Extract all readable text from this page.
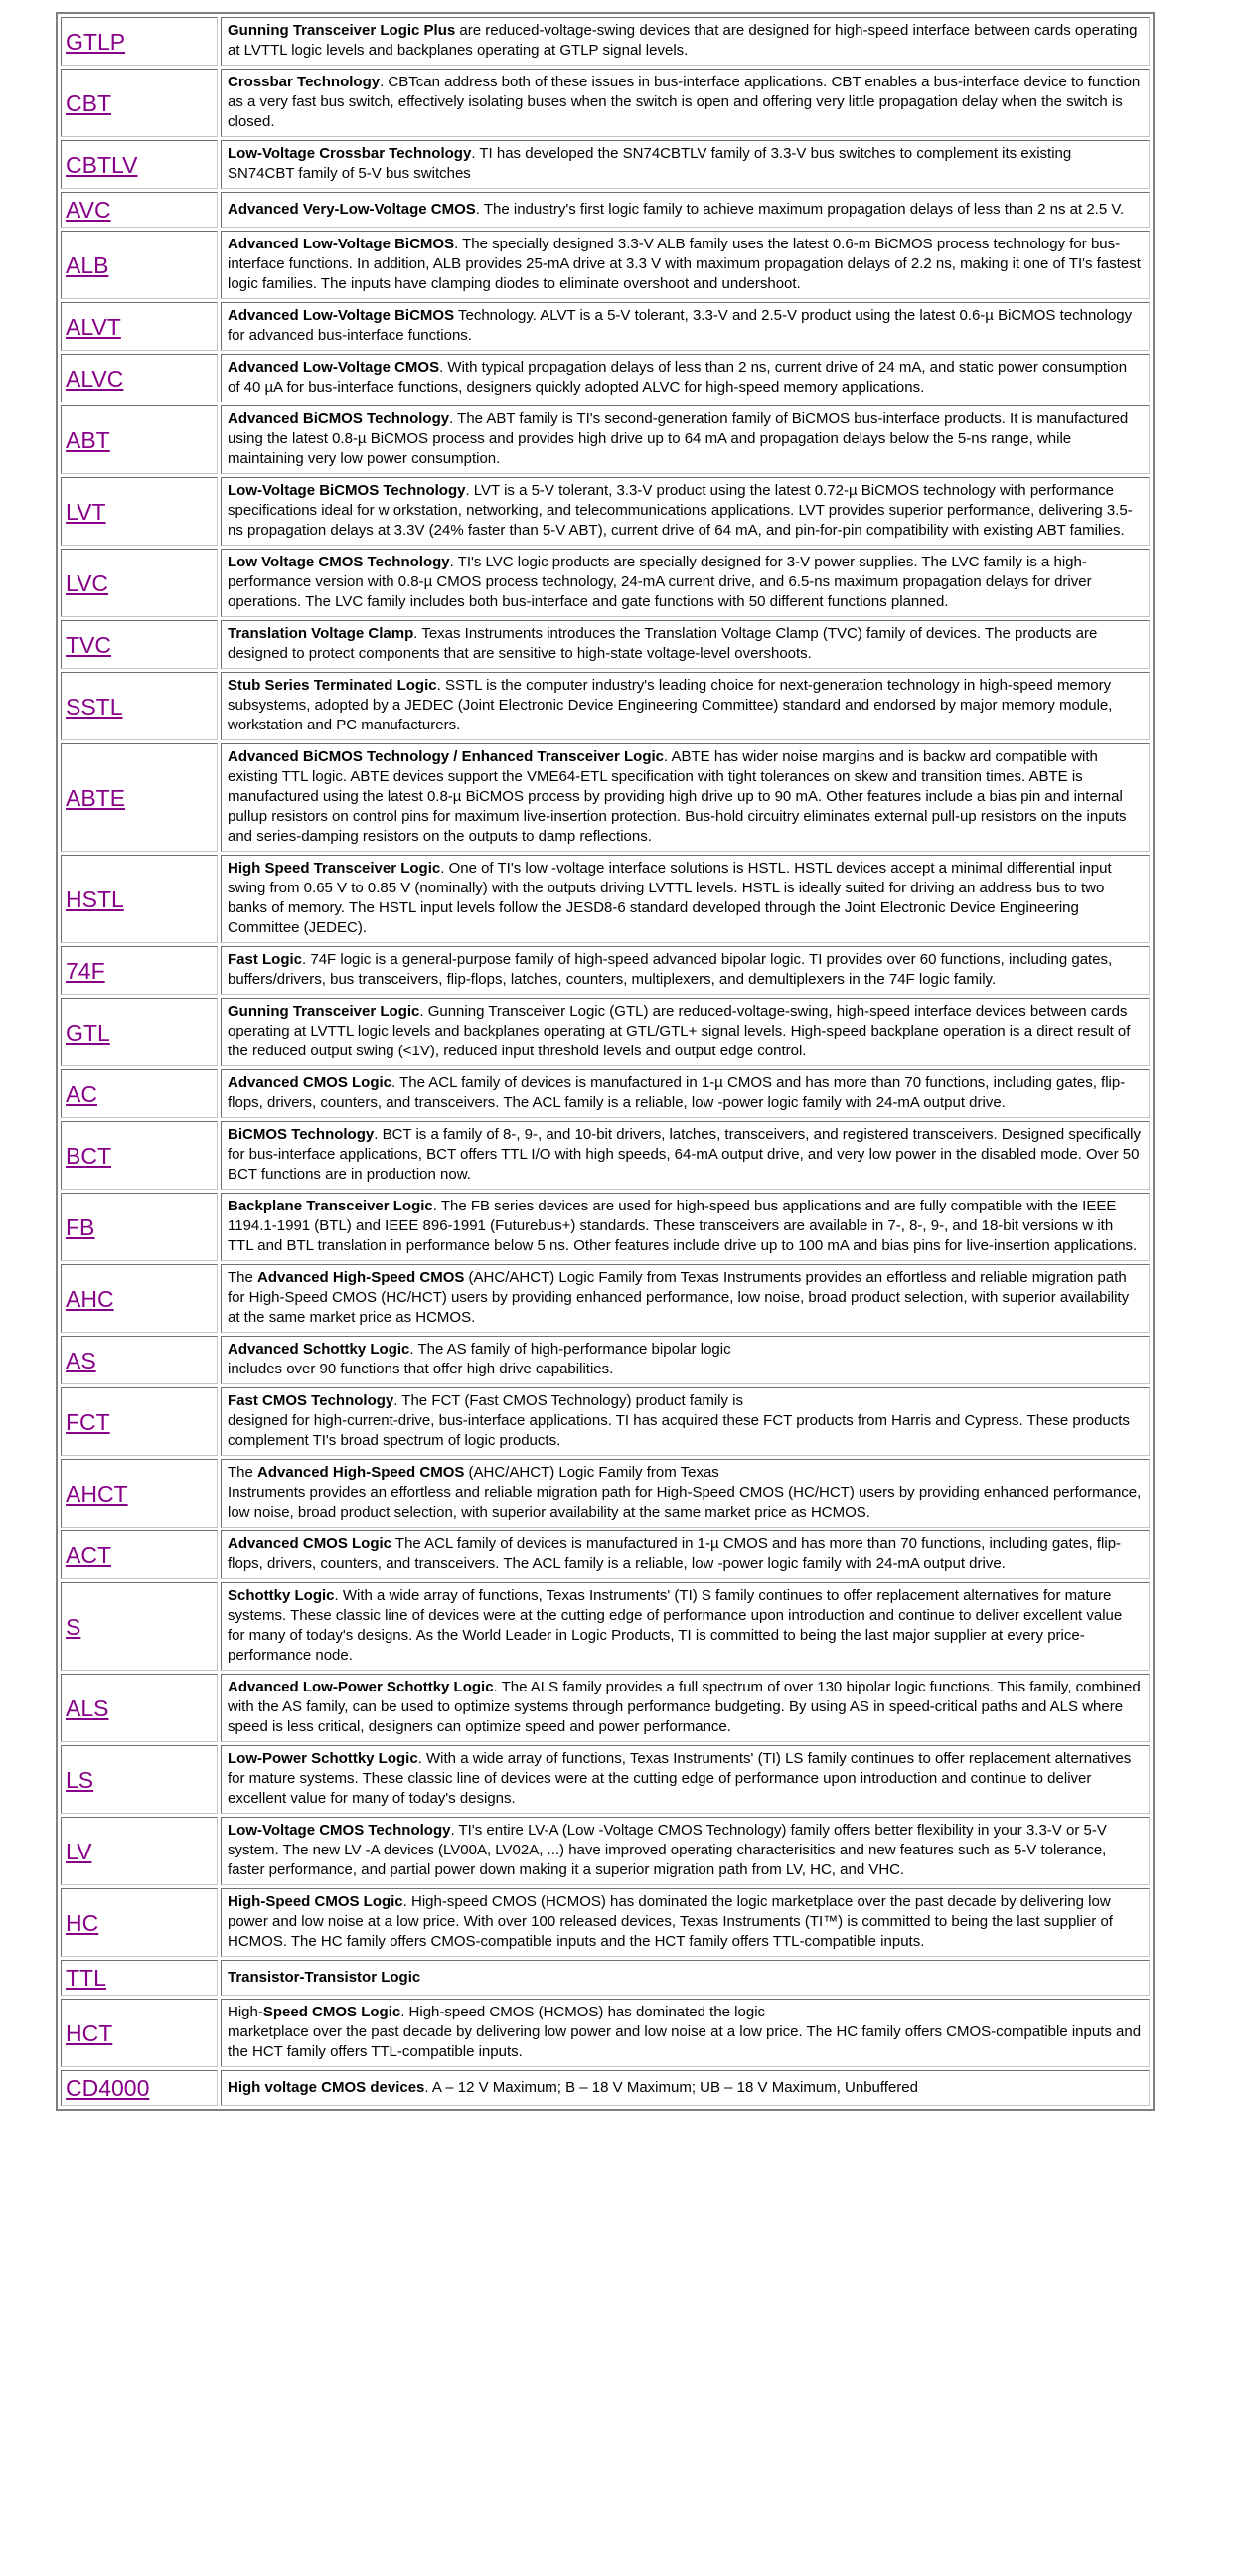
GTLP	Gunning Transceiver Logic Plus are reduced-voltage-swing devices that are designed for high-speed interface between cards operating at LVTTL logic levels and backplanes operating at GTLP signal levels.
CBT	Crossbar Technology. CBTcan address both of these issues in bus-interface applications. CBT enables a bus-interface device to function as a very fast bus switch, effectively isolating buses when the switch is open and offering very little propagation delay when the switch is closed.
CBTLV	Low-Voltage Crossbar Technology. TI has developed the SN74CBTLV family of 3.3-V bus switches to complement its existing SN74CBT family of 5-V bus switches
AVC	Advanced Very-Low-Voltage CMOS. The industry's first logic family to achieve maximum propagation delays of less than 2 ns at 2.5 V.
ALB	Advanced Low-Voltage BiCMOS. The specially designed 3.3-V ALB family uses the latest 0.6-m BiCMOS process technology for bus-interface functions. In addition, ALB provides 25-mA drive at 3.3 V with maximum propagation delays of 2.2 ns, making it one of TI's fastest logic families. The inputs have clamping diodes to eliminate overshoot and undershoot.
ALVT	Advanced Low-Voltage BiCMOS Technology. ALVT is a 5-V tolerant, 3.3-V and 2.5-V product using the latest 0.6-µ BiCMOS technology for advanced bus-interface functions.
ALVC	Advanced Low-Voltage CMOS. With typical propagation delays of less than 2 ns, current drive of 24 mA, and static power consumption of 40 µA for bus-interface functions, designers quickly adopted ALVC for high-speed memory applications.
ABT	Advanced BiCMOS Technology. The ABT family is TI's second-generation family of BiCMOS bus-interface products. It is manufactured using the latest 0.8-µ BiCMOS process and provides high drive up to 64 mA and propagation delays below the 5-ns range, while maintaining very low power consumption.
LVT	Low-Voltage BiCMOS Technology. LVT is a 5-V tolerant, 3.3-V product using the latest 0.72-µ BiCMOS technology with performance specifications ideal for w orkstation, networking, and telecommunications applications. LVT provides superior performance, delivering 3.5-ns propagation delays at 3.3V (24% faster than 5-V ABT), current drive of 64 mA, and pin-for-pin compatibility with existing ABT families.
LVC	Low Voltage CMOS Technology. TI's LVC logic products are specially designed for 3-V power supplies. The LVC family is a high-performance version with 0.8-µ CMOS process technology, 24-mA current drive, and 6.5-ns maximum propagation delays for driver operations. The LVC family includes both bus-interface and gate functions with 50 different functions planned.
TVC	Translation Voltage Clamp. Texas Instruments introduces the Translation Voltage Clamp (TVC) family of devices. The products are designed to protect components that are sensitive to high-state voltage-level overshoots.
SSTL	Stub Series Terminated Logic. SSTL is the computer industry's leading choice for next-generation technology in high-speed memory subsystems, adopted by a JEDEC (Joint Electronic Device Engineering Committee) standard and endorsed by major memory module, workstation and PC manufacturers.
ABTE	Advanced BiCMOS Technology / Enhanced Transceiver Logic. ABTE has wider noise margins and is backw ard compatible with existing TTL logic. ABTE devices support the VME64-ETL specification with tight tolerances on skew and transition times. ABTE is manufactured using the latest 0.8-µ BiCMOS process by providing high drive up to 90 mA. Other features include a bias pin and internal pullup resistors on control pins for maximum live-insertion protection. Bus-hold circuitry eliminates external pull-up resistors on the inputs and series-damping resistors on the outputs to damp reflections.
HSTL	High Speed Transceiver Logic. One of TI's low -voltage interface solutions is HSTL. HSTL devices accept a minimal differential input swing from 0.65 V to 0.85 V (nominally) with the outputs driving LVTTL levels. HSTL is ideally suited for driving an address bus to two banks of memory. The HSTL input levels follow the JESD8-6 standard developed through the Joint Electronic Device Engineering Committee (JEDEC).
74F	Fast Logic. 74F logic is a general-purpose family of high-speed advanced bipolar logic. TI provides over 60 functions, including gates, buffers/drivers, bus transceivers, flip-flops, latches, counters, multiplexers, and demultiplexers in the 74F logic family.
GTL	Gunning Transceiver Logic. Gunning Transceiver Logic (GTL) are reduced-voltage-swing, high-speed interface devices between cards operating at LVTTL logic levels and backplanes operating at GTL/GTL+ signal levels. High-speed backplane operation is a direct result of the reduced output swing (<1V), reduced input threshold levels and output edge control.
AC	Advanced CMOS Logic. The ACL family of devices is manufactured in 1-µ CMOS and has more than 70 functions, including gates, flip-flops, drivers, counters, and transceivers. The ACL family is a reliable, low -power logic family with 24-mA output drive.
BCT	BiCMOS Technology. BCT is a family of 8-, 9-, and 10-bit drivers, latches, transceivers, and registered transceivers. Designed specifically for bus-interface applications, BCT offers TTL I/O with high speeds, 64-mA output drive, and very low power in the disabled mode. Over 50 BCT functions are in production now.
FB	Backplane Transceiver Logic. The FB series devices are used for high-speed bus applications and are fully compatible with the IEEE 1194.1-1991 (BTL) and IEEE 896-1991 (Futurebus+) standards. These transceivers are available in 7-, 8-, 9-, and 18-bit versions w ith TTL and BTL translation in performance below 5 ns. Other features include drive up to 100 mA and bias pins for live-insertion applications.
AHC	The Advanced High-Speed CMOS (AHC/AHCT) Logic Family from Texas Instruments provides an effortless and reliable migration path for High-Speed CMOS (HC/HCT) users by providing enhanced performance, low noise, broad product selection, with superior availability at the same market price as HCMOS.
AS	Advanced Schottky Logic. The AS family of high-performance bipolar logic
includes over 90 functions that offer high drive capabilities.
FCT	Fast CMOS Technology. The FCT (Fast CMOS Technology) product family is
designed for high-current-drive, bus-interface applications. TI has acquired these FCT products from Harris and Cypress. These products complement TI's broad spectrum of logic products.
AHCT	The Advanced High-Speed CMOS (AHC/AHCT) Logic Family from Texas
Instruments provides an effortless and reliable migration path for High-Speed CMOS (HC/HCT) users by providing enhanced performance, low noise, broad product selection, with superior availability at the same market price as HCMOS.
ACT	Advanced CMOS Logic The ACL family of devices is manufactured in 1-µ CMOS and has more than 70 functions, including gates, flip-flops, drivers, counters, and transceivers. The ACL family is a reliable, low -power logic family with 24-mA output drive.
S	Schottky Logic. With a wide array of functions, Texas Instruments' (TI) S family continues to offer replacement alternatives for mature systems. These classic line of devices were at the cutting edge of performance upon introduction and continue to deliver excellent value for many of today's designs. As the World Leader in Logic Products, TI is committed to being the last major supplier at every price-performance node.
ALS	Advanced Low-Power Schottky Logic. The ALS family provides a full spectrum of over 130 bipolar logic functions. This family, combined with the AS family, can be used to optimize systems through performance budgeting. By using AS in speed-critical paths and ALS where speed is less critical, designers can optimize speed and power performance.
LS	Low-Power Schottky Logic. With a wide array of functions, Texas Instruments' (TI) LS family continues to offer replacement alternatives for mature systems. These classic line of devices were at the cutting edge of performance upon introduction and continue to deliver excellent value for many of today's designs.
LV	Low-Voltage CMOS Technology. TI's entire LV-A (Low -Voltage CMOS Technology) family offers better flexibility in your 3.3-V or 5-V system. The new LV -A devices (LV00A, LV02A, ...) have improved operating characterisitics and new features such as 5-V tolerance, faster performance, and partial power down making it a superior migration path from LV, HC, and VHC.
HC	High-Speed CMOS Logic. High-speed CMOS (HCMOS) has dominated the logic marketplace over the past decade by delivering low power and low noise at a low price. With over 100 released devices, Texas Instruments (TI™) is committed to being the last supplier of HCMOS. The HC family offers CMOS-compatible inputs and the HCT family offers TTL-compatible inputs.
TTL	Transistor-Transistor Logic
HCT	High-Speed CMOS Logic. High-speed CMOS (HCMOS) has dominated the logic
marketplace over the past decade by delivering low power and low noise at a low price. The HC family offers CMOS-compatible inputs and the HCT family offers TTL-compatible inputs.
CD4000	High voltage CMOS devices. A – 12 V Maximum; B – 18 V Maximum; UB – 18 V Maximum, Unbuffered
